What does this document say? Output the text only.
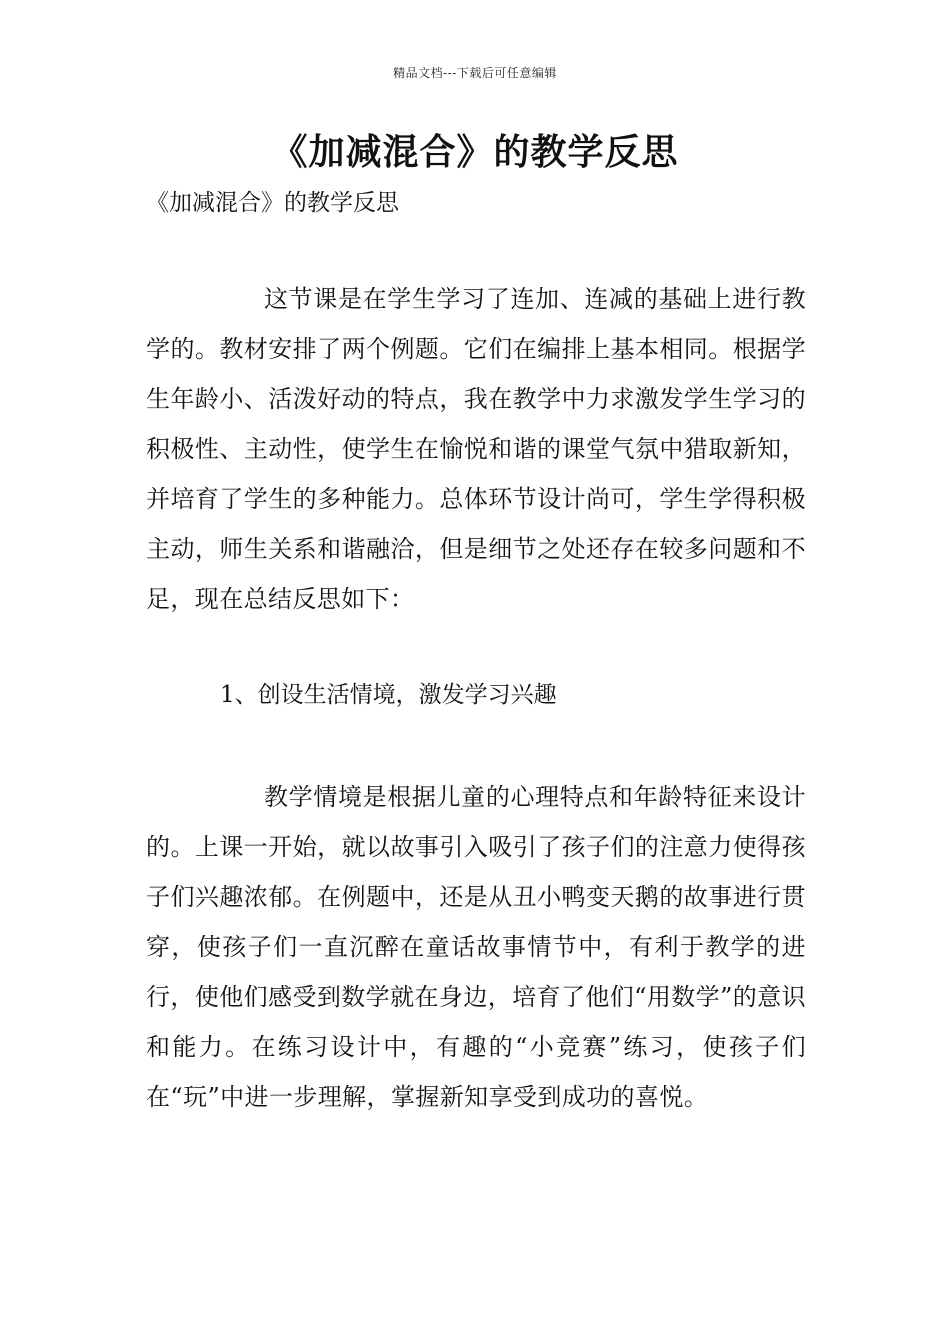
精品文档---下载后可任意编辑
《加减混合》的教学反思
《加减混合》的教学反思
这节课是在学生学习了连加、连减的基础上进行教学的。教材安排了两个例题。它们在编排上基本相同。根据学生年龄小、活泼好动的特点，我在教学中力求激发学生学习的积极性、主动性，使学生在愉悦和谐的课堂气氛中猎取新知，并培育了学生的多种能力。总体环节设计尚可，学生学得积极主动，师生关系和谐融洽，但是细节之处还存在较多问题和不足，现在总结反思如下：
1、创设生活情境，激发学习兴趣
教学情境是根据儿童的心理特点和年龄特征来设计的。上课一开始，就以故事引入吸引了孩子们的注意力使得孩子们兴趣浓郁。在例题中，还是从丑小鸭变天鹅的故事进行贯穿，使孩子们一直沉醉在童话故事情节中，有利于教学的进行，使他们感受到数学就在身边，培育了他们“用数学”的意识和能力。在练习设计中，有趣的“小竞赛”练习，使孩子们在“玩”中进一步理解，掌握新知享受到成功的喜悦。
